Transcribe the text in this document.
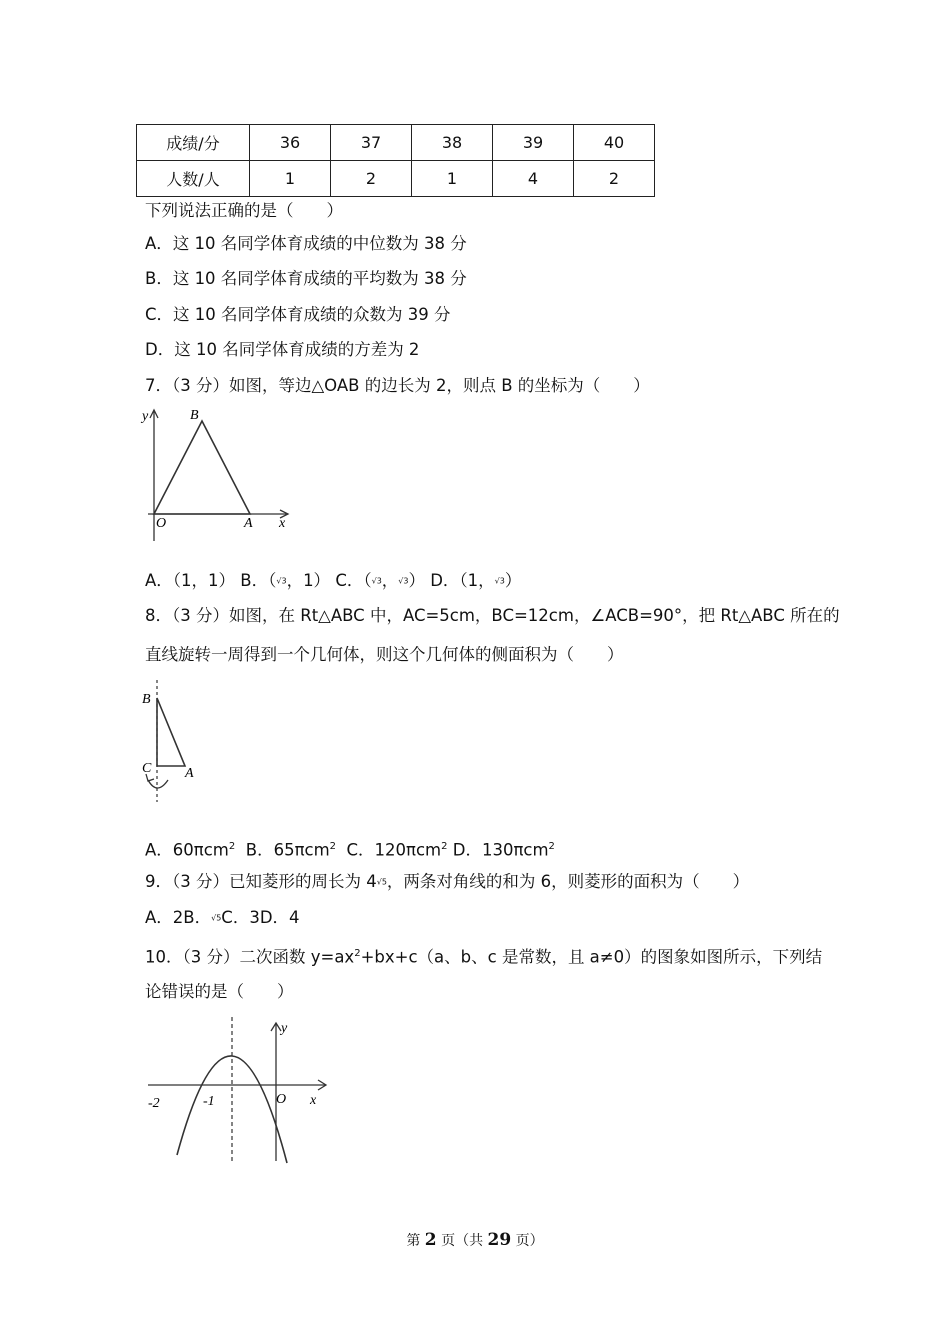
成绩/分	36	37	38	39	40
人数/人	1	2	1	4	2
下列说法正确的是（　　）
A．这 10 名同学体育成绩的中位数为 38 分
B．这 10 名同学体育成绩的平均数为 38 分
C．这 10 名同学体育成绩的众数为 39 分
D．这 10 名同学体育成绩的方差为 2
7．（3 分）如图，等边△OAB 的边长为 2，则点 B 的坐标为（　　）
y	B
O	A x
A．（1，1） B．（√3，1） C．（√3，√3） D．（1，√3）
8．（3 分）如图，在 Rt△ABC 中，AC=5cm，BC=12cm，∠ACB=90°，把 Rt△ABC 所在的
直线旋转一周得到一个几何体，则这个几何体的侧面积为（　　）
B
C A
A．60πcm$^2$ B．65πcm$^2$ C．120πcm$^2$ D．130πcm$^2$
9．（3 分）已知菱形的周长为 4√5，两条对角线的和为 6，则菱形的面积为（　　）
A．2B．√5C．3D．4
10．（3 分）二次函数 $y=ax^2+bx+c(a$、b、c 是常数，且 a≠0）的图象如图所示，下列结
论错误的是（　　）
-2	-1	O x
y
第 2 页（共 29 页）
